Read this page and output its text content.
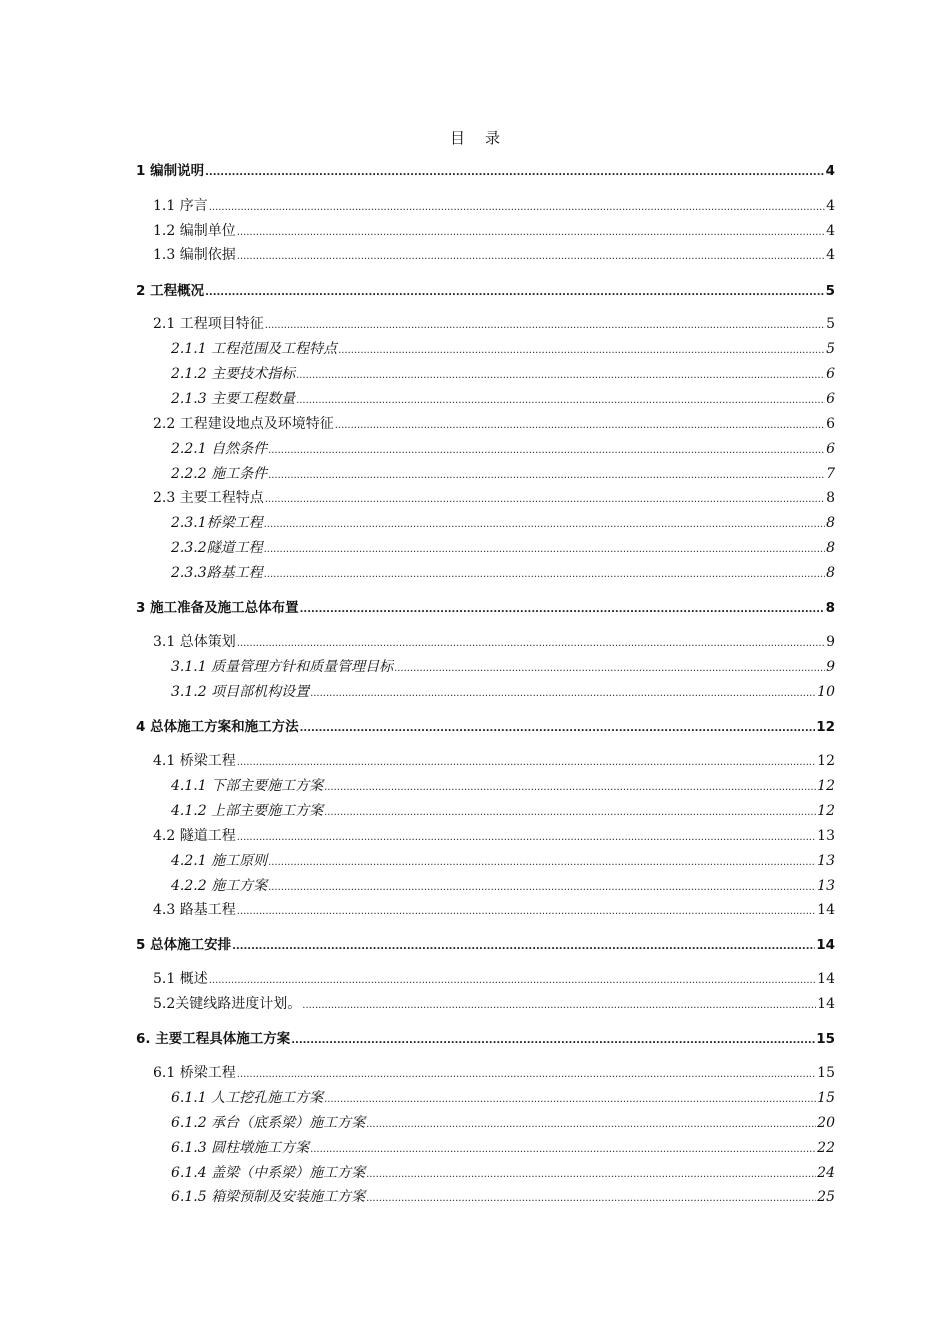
目 录
1 编制说明 .....	4
1.1 序言 .....	4
1.2 编制单位 .....	4
1.3 编制依据 .....	4
2 工程概况 .....	5
2.1 工程项目特征 .....	5
2.1.1 工程范围及工程特点 .....	5
2.1.2 主要技术指标 .....	6
2.1.3 主要工程数量 .....	6
2.2 工程建设地点及环境特征 .....	6
2.2.1 自然条件 .....	6
2.2.2 施工条件 .....	7
2.3 主要工程特点 .....	8
2.3.1桥梁工程 .....	8
2.3.2隧道工程 .....	8
2.3.3路基工程 .....	8
3 施工准备及施工总体布置 .....	8
3.1 总体策划 .....	9
3.1.1 质量管理方针和质量管理目标 .....	9
3.1.2 项目部机构设置 .....	10
4 总体施工方案和施工方法 .....	12
4.1 桥梁工程 .....	12
4.1.1 下部主要施工方案 .....	12
4.1.2 上部主要施工方案 .....	12
4.2 隧道工程 .....	13
4.2.1 施工原则 .....	13
4.2.2 施工方案 .....	13
4.3 路基工程 .....	14
5 总体施工安排 .....	14
5.1 概述 .....	14
5.2关键线路进度计划。 .....	14
6. 主要工程具体施工方案 .....	15
6.1 桥梁工程 .....	15
6.1.1 人工挖孔施工方案 .....	15
6.1.2 承台（底系梁）施工方案 .....	20
6.1.3 圆柱墩施工方案 .....	22
6.1.4 盖梁（中系梁）施工方案 .....	24
6.1.5 箱梁预制及安装施工方案 .....	25
